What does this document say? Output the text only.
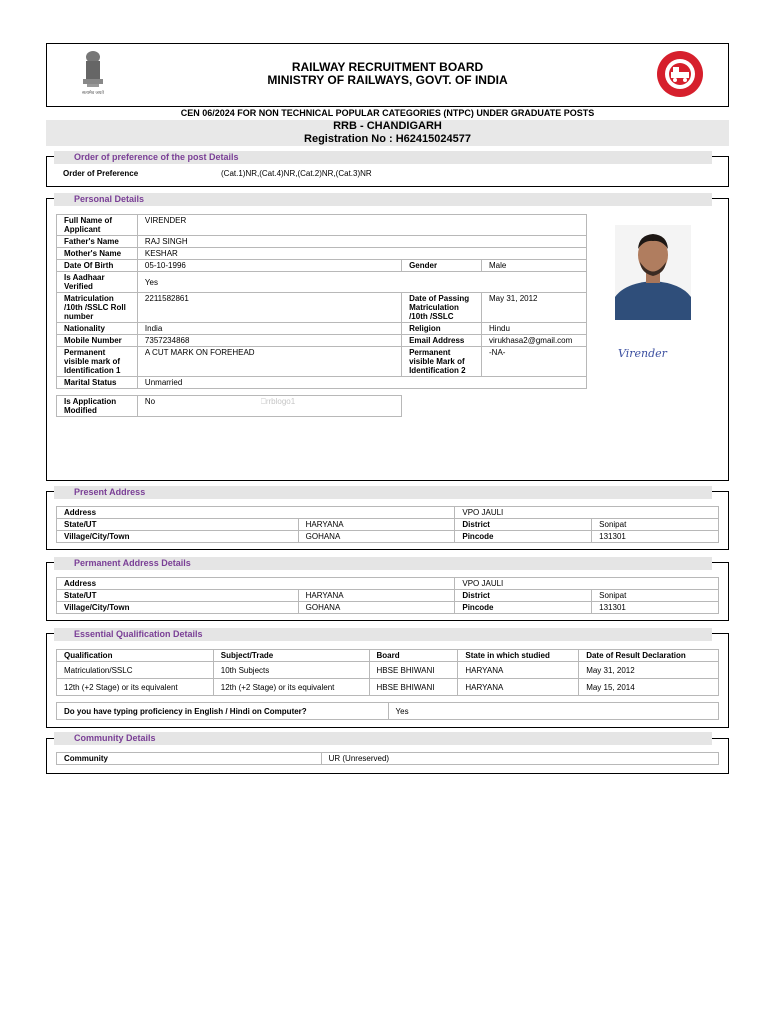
RAILWAY RECRUITMENT BOARD
MINISTRY OF RAILWAYS, GOVT. OF INDIA
सत्यमेव जयते
CEN 06/2024 FOR NON TECHNICAL POPULAR CATEGORIES (NTPC) UNDER GRADUATE POSTS
RRB - CHANDIGARH
Registration No : H62415024577
Order of preference of the post Details
Order of Preference	(Cat.1)NR,(Cat.4)NR,(Cat.2)NR,(Cat.3)NR
Personal Details
Full Name of Applicant	VIRENDER		
Father's Name	RAJ SINGH		
Mother's Name	KESHAR		
Date Of Birth	05-10-1996	Gender	Male
Is Aadhaar Verified	Yes		
Matriculation /10th /SSLC Roll number	2211582861	Date of Passing Matriculation /10th /SSLC	May 31, 2012
Nationality	India	Religion	Hindu
Mobile Number	7357234868	Email Address	virukhasa2@gmail.com
Permanent visible mark of Identification 1	A CUT MARK ON FOREHEAD	Permanent visible Mark of Identification 2	-NA-
Marital Status	Unmarried		
Is Application Modified	No	⎕rrblogo1
Virender
Present Address
Address		VPO JAULI	
State/UT	HARYANA	District	Sonipat
Village/City/Town	GOHANA	Pincode	131301
Permanent Address Details
Address		VPO JAULI	
State/UT	HARYANA	District	Sonipat
Village/City/Town	GOHANA	Pincode	131301
Essential Qualification Details
Qualification	Subject/Trade	Board	State in which studied	Date of Result Declaration
Matriculation/SSLC	10th Subjects	HBSE BHIWANI	HARYANA	May 31, 2012
12th (+2 Stage) or its equivalent	12th (+2 Stage) or its equivalent	HBSE BHIWANI	HARYANA	May 15, 2014
Do you have typing proficiency in English / Hindi on Computer?	Yes
Community Details
Community	UR (Unreserved)
